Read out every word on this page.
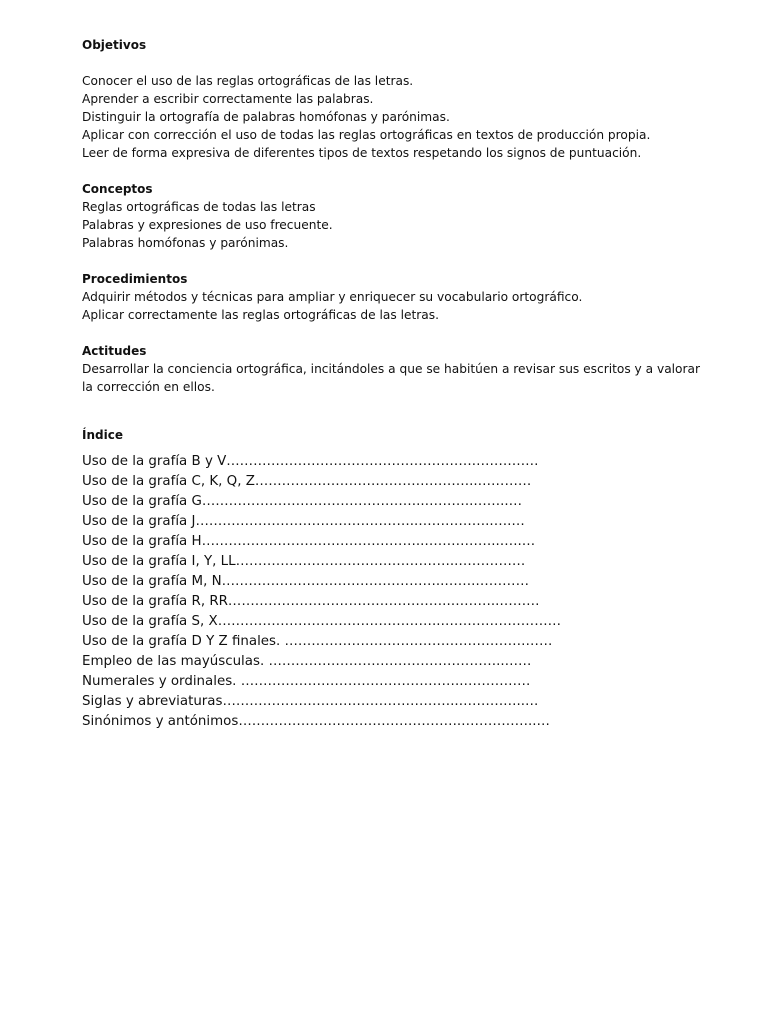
Objetivos

Conocer el uso de las reglas ortográficas de las letras.

Aprender a escribir correctamente las palabras.

Distinguir la ortografía de palabras homófonas y parónimas.

Aplicar con corrección el uso de todas las reglas ortográficas en textos de producción propia.

Leer de forma expresiva de diferentes tipos de textos respetando los signos de puntuación.

Conceptos

Reglas ortográficas de todas las letras

Palabras y expresiones de uso frecuente.

Palabras homófonas y parónimas.

Procedimientos

Adquirir métodos y técnicas para ampliar y enriquecer su vocabulario ortográfico.

Aplicar correctamente las reglas ortográficas de las letras.

Actitudes

Desarrollar la conciencia ortográfica, incitándoles a que se habitúen a revisar sus escritos y a valorar la corrección en ellos.

Índice

Uso de la grafía B y V……………………………………………….……………

Uso de la grafía C, K, Q, Z…………………………………………..…………

Uso de la grafía G…………………………………………..………..……..…

Uso de la grafía J…………………………………………..……………..….…

Uso de la grafía H…………………………………………..……………..…..…

Uso de la grafía I, Y, LL…………………………………………..……………

Uso de la grafía M, N…………………………………………..…….…………

Uso de la grafía R, RR…………………………………………..………..………

Uso de la grafía S, X…………………………………………..………………………

Uso de la grafía D Y Z finales. ……………………………………………………

Empleo de las mayúsculas. ……………………………………………..……

Numerales y ordinales. …………………………………………..……………

Siglas y abreviaturas……………………………………………..……….…..…

Sinónimos y antónimos…………………………………………..……………..…
